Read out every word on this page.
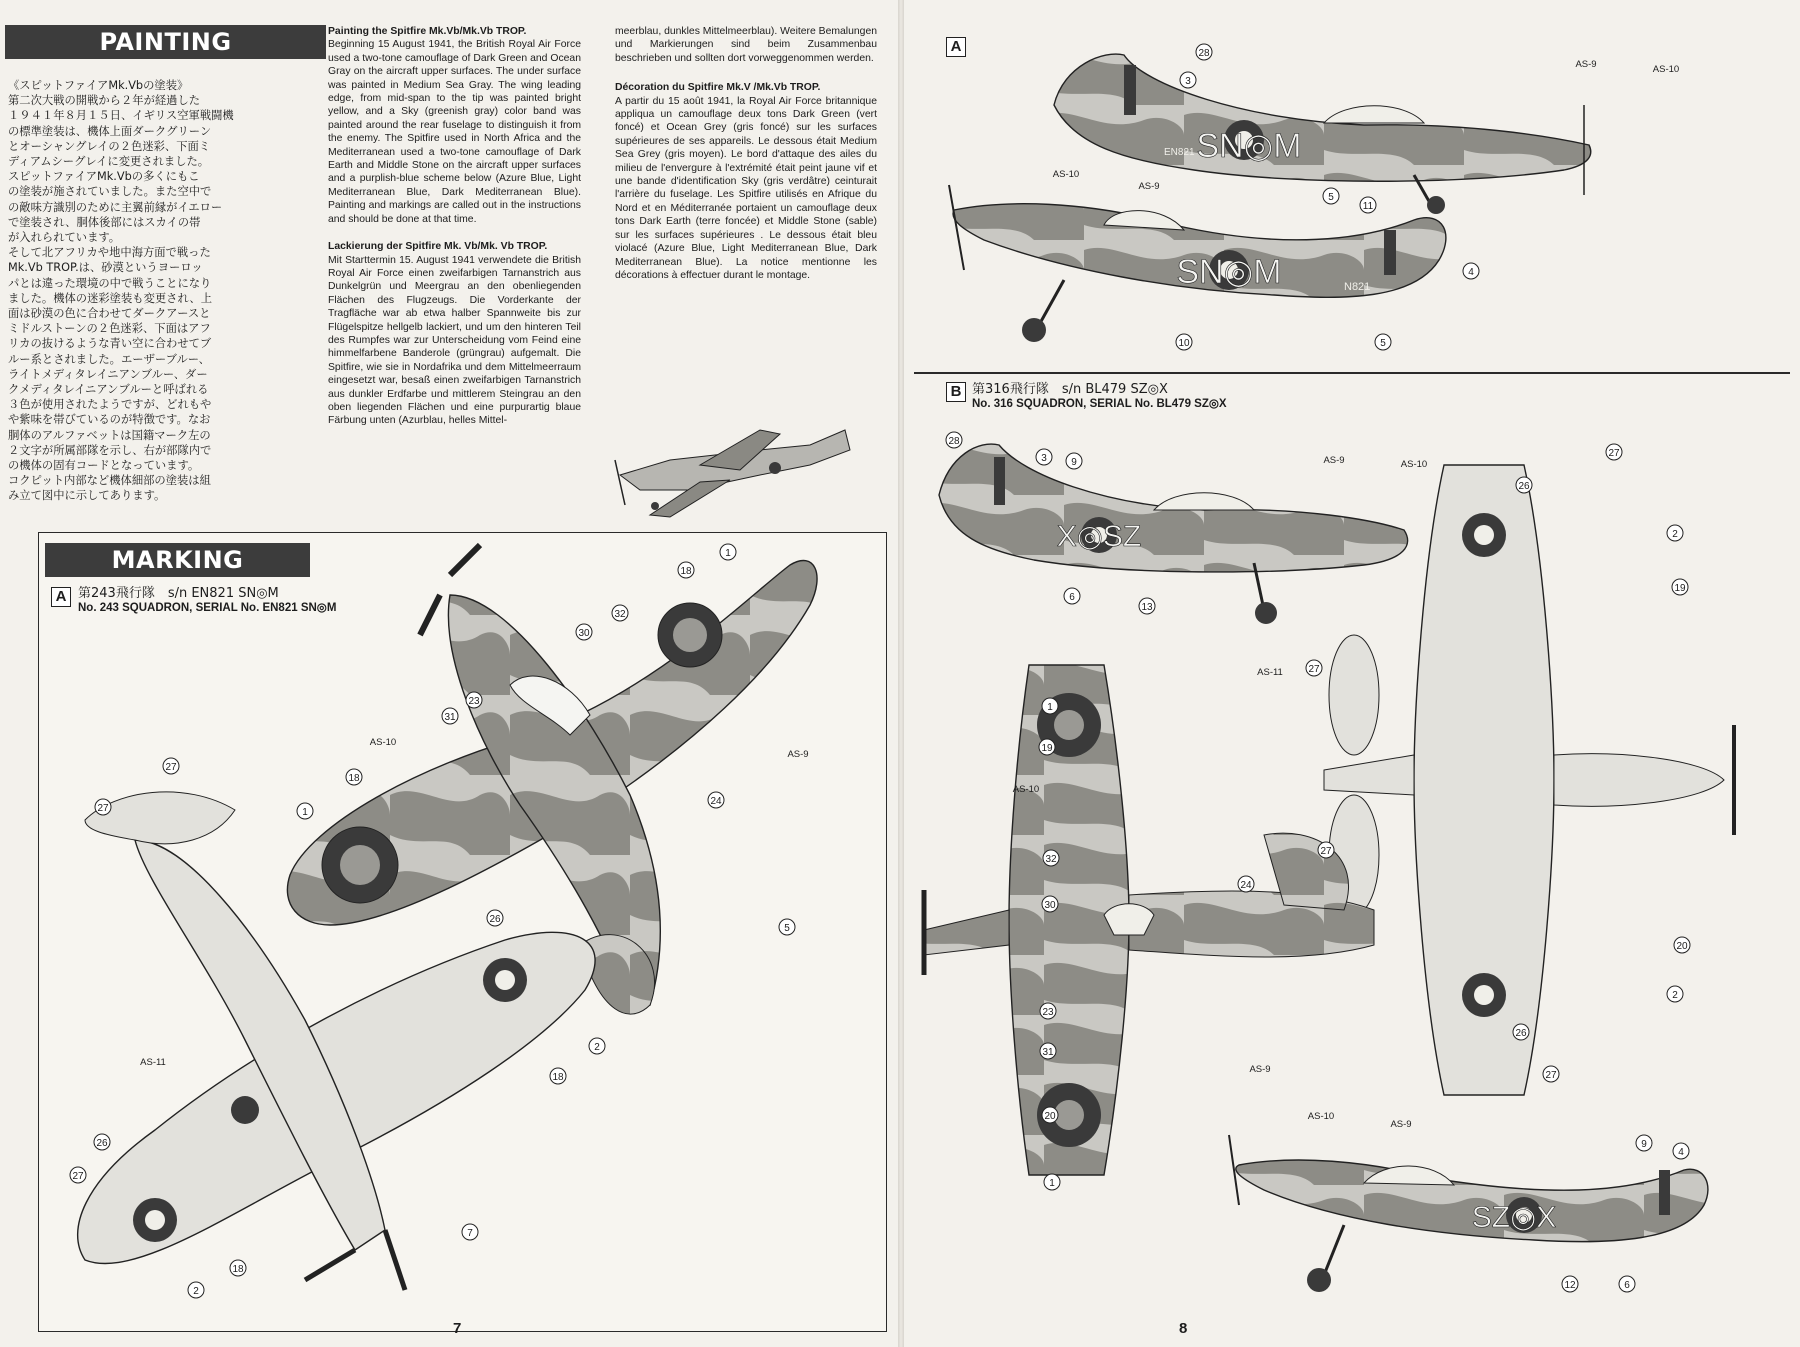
PAINTING
《スピットファイアMk.Vbの塗装》
第二次大戦の開戦から２年が経過した
１９４１年８月１５日、イギリス空軍戦闘機
の標準塗装は、機体上面ダークグリーン
とオーシャングレイの２色迷彩、下面ミ
ディアムシーグレイに変更されました。
スピットファイアMk.Vbの多くにもこ
の塗装が施されていました。また空中で
の敵味方識別のために主翼前縁がイエロー
で塗装され、胴体後部にはスカイの帯
が入れられています。
そして北アフリカや地中海方面で戦った
Mk.Vb TROP.は、砂漠というヨーロッ
パとは違った環境の中で戦うことになり
ました。機体の迷彩塗装も変更され、上
面は砂漠の色に合わせてダークアースと
ミドルストーンの２色迷彩、下面はアフ
リカの抜けるような青い空に合わせてブ
ルー系とされました。エーザーブルー、
ライトメディタレイニアンブルー、ダー
クメディタレイニアンブルーと呼ばれる
３色が使用されたようですが、どれもや
や紫味を帯びているのが特徴です。なお
胴体のアルファベットは国籍マーク左の
２文字が所属部隊を示し、右が部隊内で
の機体の固有コードとなっています。
コクピット内部など機体細部の塗装は組
み立て図中に示してあります。
Painting the Spitfire Mk.Vb/Mk.Vb TROP.

Beginning 15 August 1941, the British Royal Air Force used a two-tone camouflage of Dark Green and Ocean Gray on the aircraft upper surfaces. The under surface was painted in Medium Sea Gray. The wing leading edge, from mid-span to the tip was painted bright yellow, and a Sky (greenish gray) color band was painted around the rear fuselage to distinguish it from the enemy. The Spitfire used in North Africa and the Mediterranean used a two-tone camouflage of Dark Earth and Middle Stone on the aircraft upper surfaces and a purplish-blue scheme below (Azure Blue, Light Mediterranean Blue, Dark Mediterranean Blue). Painting and markings are called out in the instructions and should be done at that time.

Lackierung der Spitfire Mk. Vb/Mk. Vb TROP.

Mit Starttermin 15. August 1941 verwendete die British Royal Air Force einen zweifarbigen Tarnanstrich aus Dunkelgrün und Meergrau an den obenliegenden Flächen des Flugzeugs. Die Vorderkante der Tragfläche war ab etwa halber Spannweite bis zur Flügelspitze hellgelb lackiert, und um den hinteren Teil des Rumpfes war zur Unterscheidung vom Feind eine himmelfarbene Banderole (grüngrau) aufgemalt. Die Spitfire, wie sie in Nordafrika und dem Mittelmeerraum eingesetzt war, besaß einen zweifarbigen Tarnanstrich aus dunkler Erdfarbe und mittlerem Steingrau an den oben liegenden Flächen und eine purpurartig blaue Färbung unten (Azurblau, helles Mittel-

meerblau, dunkles Mittelmeerblau). Weitere Bemalungen und Markierungen sind beim Zusammenbau beschrieben und sollten dort vorweggenommen werden.

Décoration du Spitfire Mk.V /Mk.Vb TROP.

A partir du 15 août 1941, la Royal Air Force britannique appliqua un camouflage deux tons Dark Green (vert foncé) et Ocean Grey (gris foncé) sur les surfaces supérieures de ses appareils. Le dessous était Medium Sea Grey (gris moyen). Le bord d'attaque des ailes du milieu de l'envergure à l'extrémité était peint jaune vif et une bande d'identification Sky (gris verdâtre) ceinturait l'arrière du fuselage. Les Spitfire utilisés en Afrique du Nord et en Méditerranée portaient un camouflage deux tons Dark Earth (terre foncée) et Middle Stone (sable) sur les surfaces supérieures . Le dessous était bleu violacé (Azure Blue, Light Mediterranean Blue, Dark Mediterranean Blue). La notice mentionne les décorations à effectuer durant le montage.

MARKING
A 第243飛行隊　s/n EN821 SN◎M
No. 243 SQUADRON, SERIAL No. EN821 SN◎M
1
18
30
32
23
31
AS-10
18
1
27
27
AS-9
24
5
26
2
18
AS-11
26
27
2
18
7
7
A
EN821 SN◎M
SN◎M	N821
B 第316飛行隊　s/n BL479 SZ◎X
No. 316 SQUADRON, SERIAL No. BL479 SZ◎X
X◎SZ
SZ◎X
28
3
AS-9	AS-10
5
11
AS-10
AS-9
4
10	5
28
3 9	AS-9	AS-10
6
13
27
26
2
19
AS-11	27
1
19
AS-10
32
24
30
27
20
23
26
2
31
27
AS-9
20
1
AS-10
AS-9
9
4
12	6
8
